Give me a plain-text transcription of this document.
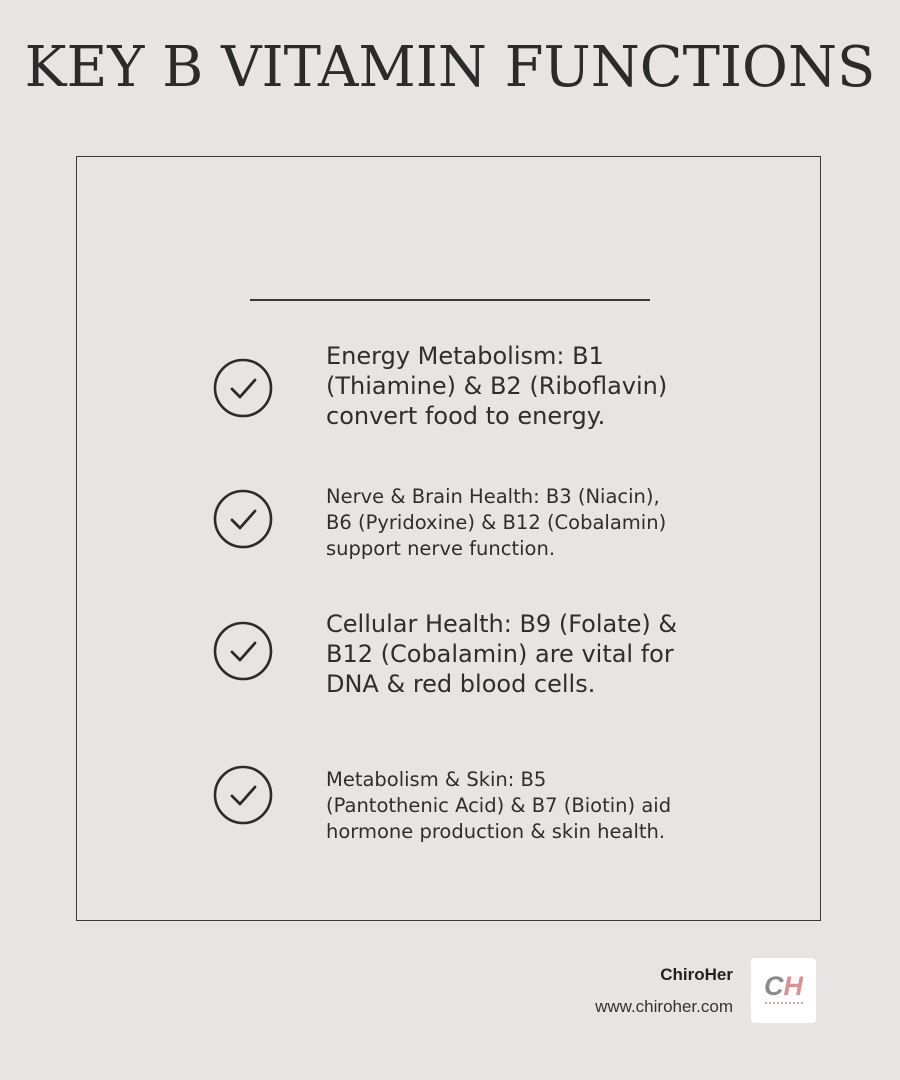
KEY B VITAMIN FUNCTIONS
Energy Metabolism: B1
(Thiamine) & B2 (Riboflavin)
convert food to energy.
Nerve & Brain Health: B3 (Niacin),
B6 (Pyridoxine) & B12 (Cobalamin)
support nerve function.
Cellular Health: B9 (Folate) &
B12 (Cobalamin) are vital for
DNA & red blood cells.
Metabolism & Skin: B5
(Pantothenic Acid) & B7 (Biotin) aid
hormone production & skin health.
ChiroHer
www.chiroher.com
CH
